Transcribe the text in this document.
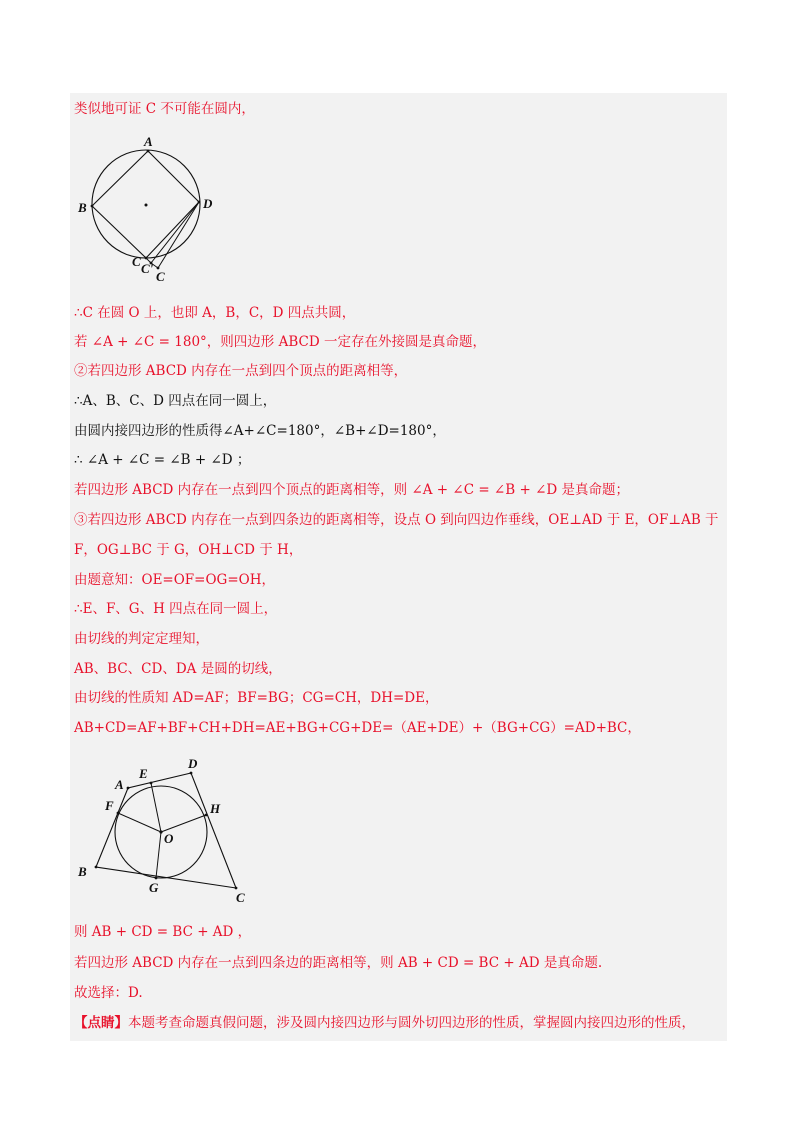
类似地可证 C 不可能在圆内，
A
B	D
C C'
C
∴C 在圆 O 上，也即 A，B，C，D 四点共圆，
若 ∠A + ∠C = 180°，则四边形 ABCD 一定存在外接圆是真命题，
②若四边形 ABCD 内存在一点到四个顶点的距离相等，
∴A、B、C、D 四点在同一圆上，
由圆内接四边形的性质得∠A+∠C=180°，∠B+∠D=180°，
∴ ∠A + ∠C = ∠B + ∠D ；
若四边形 ABCD 内存在一点到四个顶点的距离相等，则 ∠A + ∠C = ∠B + ∠D 是真命题；
③若四边形 ABCD 内存在一点到四条边的距离相等，设点 O 到向四边作垂线，OE⊥AD 于 E，OF⊥AB 于
F，OG⊥BC 于 G，OH⊥CD 于 H，
由题意知：OE=OF=OG=OH，
∴E、F、G、H 四点在同一圆上，
由切线的判定定理知，
AB、BC、CD、DA 是圆的切线，
由切线的性质知 AD=AF；BF=BG；CG=CH，DH=DE，
AB+CD=AF+BF+CH+DH=AE+BG+CG+DE=（AE+DE）+（BG+CG）=AD+BC，
A
E
D
F	H
O
B
G
C
则 AB + CD = BC + AD ，
若四边形 ABCD 内存在一点到四条边的距离相等，则 AB + CD = BC + AD 是真命题.
故选择：D.
【点睛】本题考查命题真假问题，涉及圆内接四边形与圆外切四边形的性质，掌握圆内接四边形的性质，
